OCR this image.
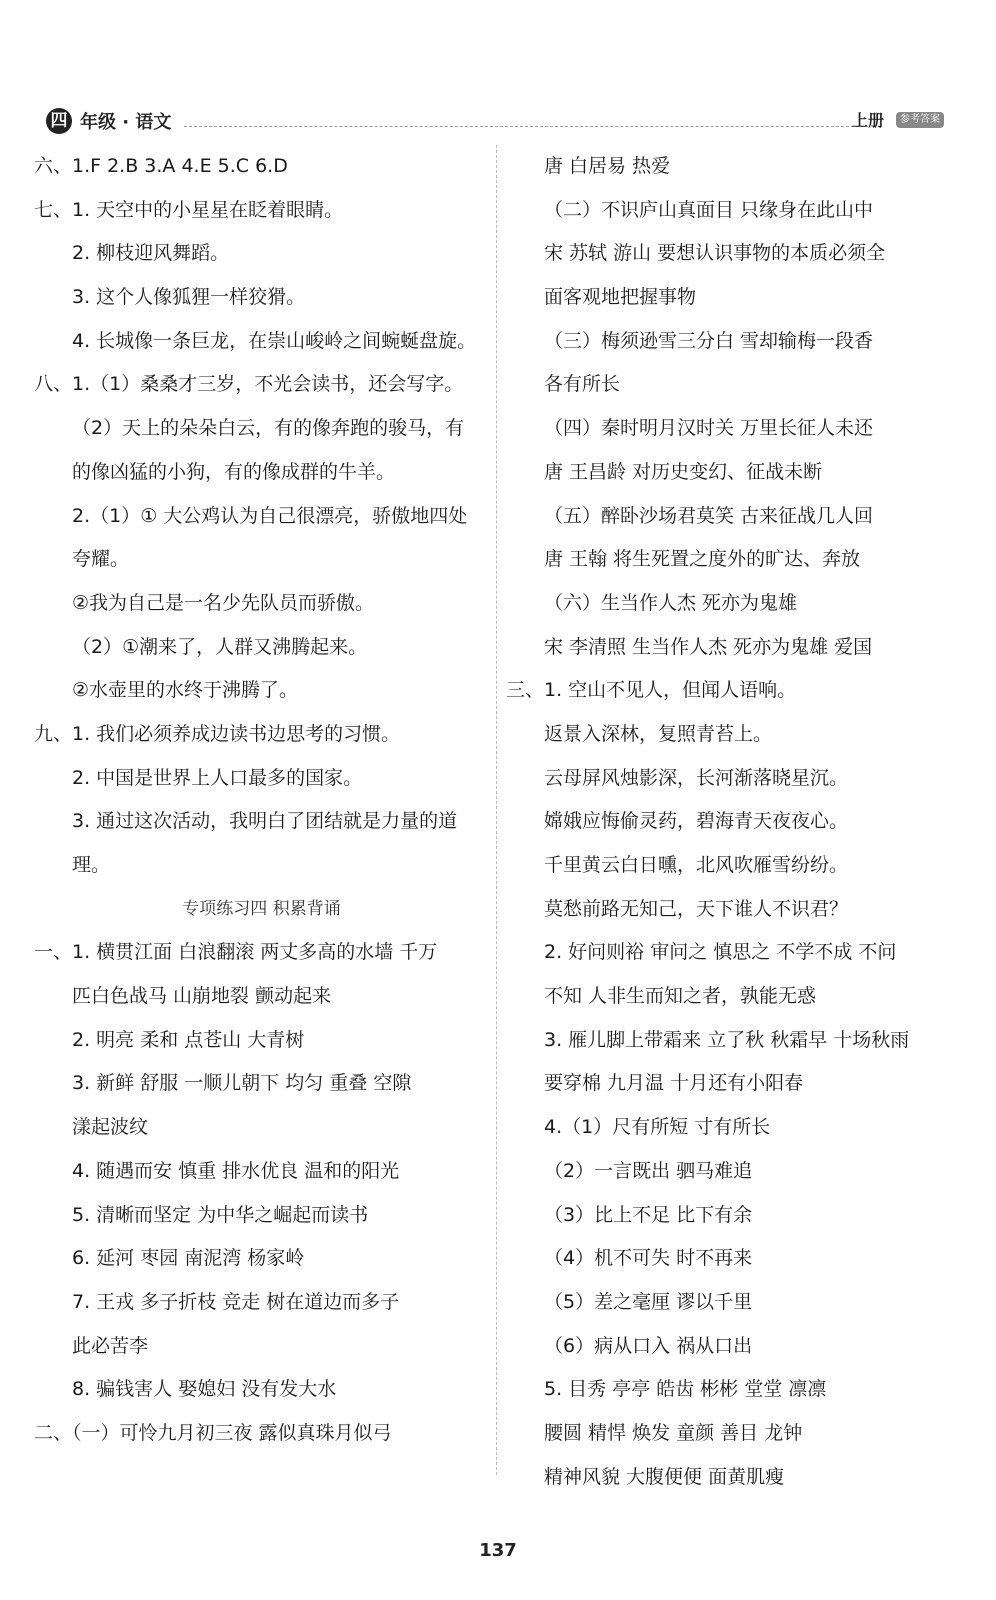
四 年级 · 语文	上册	参考答案
六、1.F 2.B 3.A 4.E 5.C 6.D
七、1. 天空中的小星星在眨着眼睛。
2. 柳枝迎风舞蹈。
3. 这个人像狐狸一样狡猾。
4. 长城像一条巨龙，在崇山峻岭之间蜿蜒盘旋。
八、1.（1）桑桑才三岁，不光会读书，还会写字。
（2）天上的朵朵白云，有的像奔跑的骏马，有
的像凶猛的小狗，有的像成群的牛羊。
2.（1）① 大公鸡认为自己很漂亮，骄傲地四处
夸耀。
②我为自己是一名少先队员而骄傲。
（2）①潮来了，人群又沸腾起来。
②水壶里的水终于沸腾了。
九、1. 我们必须养成边读书边思考的习惯。
2. 中国是世界上人口最多的国家。
3. 通过这次活动，我明白了团结就是力量的道
理。
专项练习四 积累背诵
一、1. 横贯江面 白浪翻滚 两丈多高的水墙 千万
匹白色战马 山崩地裂 颤动起来
2. 明亮 柔和 点苍山 大青树
3. 新鲜 舒服 一顺儿朝下 均匀 重叠 空隙
漾起波纹
4. 随遇而安 慎重 排水优良 温和的阳光
5. 清晰而坚定 为中华之崛起而读书
6. 延河 枣园 南泥湾 杨家岭
7. 王戎 多子折枝 竞走 树在道边而多子
此必苦李
8. 骗钱害人 娶媳妇 没有发大水
二、（一）可怜九月初三夜 露似真珠月似弓
唐 白居易 热爱
（二）不识庐山真面目 只缘身在此山中
宋 苏轼 游山 要想认识事物的本质必须全
面客观地把握事物
（三）梅须逊雪三分白 雪却输梅一段香
各有所长
（四）秦时明月汉时关 万里长征人未还
唐 王昌龄 对历史变幻、征战未断
（五）醉卧沙场君莫笑 古来征战几人回
唐 王翰 将生死置之度外的旷达、奔放
（六）生当作人杰 死亦为鬼雄
宋 李清照 生当作人杰 死亦为鬼雄 爱国
三、1. 空山不见人，但闻人语响。
返景入深林，复照青苔上。
云母屏风烛影深，长河渐落晓星沉。
嫦娥应悔偷灵药，碧海青天夜夜心。
千里黄云白日曛，北风吹雁雪纷纷。
莫愁前路无知己，天下谁人不识君？
2. 好问则裕 审问之 慎思之 不学不成 不问
不知 人非生而知之者，孰能无惑
3. 雁儿脚上带霜来 立了秋 秋霜早 十场秋雨
要穿棉 九月温 十月还有小阳春
4.（1）尺有所短 寸有所长
（2）一言既出 驷马难追
（3）比上不足 比下有余
（4）机不可失 时不再来
（5）差之毫厘 谬以千里
（6）病从口入 祸从口出
5. 目秀 亭亭 皓齿 彬彬 堂堂 凛凛
腰圆 精悍 焕发 童颜 善目 龙钟
精神风貌 大腹便便 面黄肌瘦
137
